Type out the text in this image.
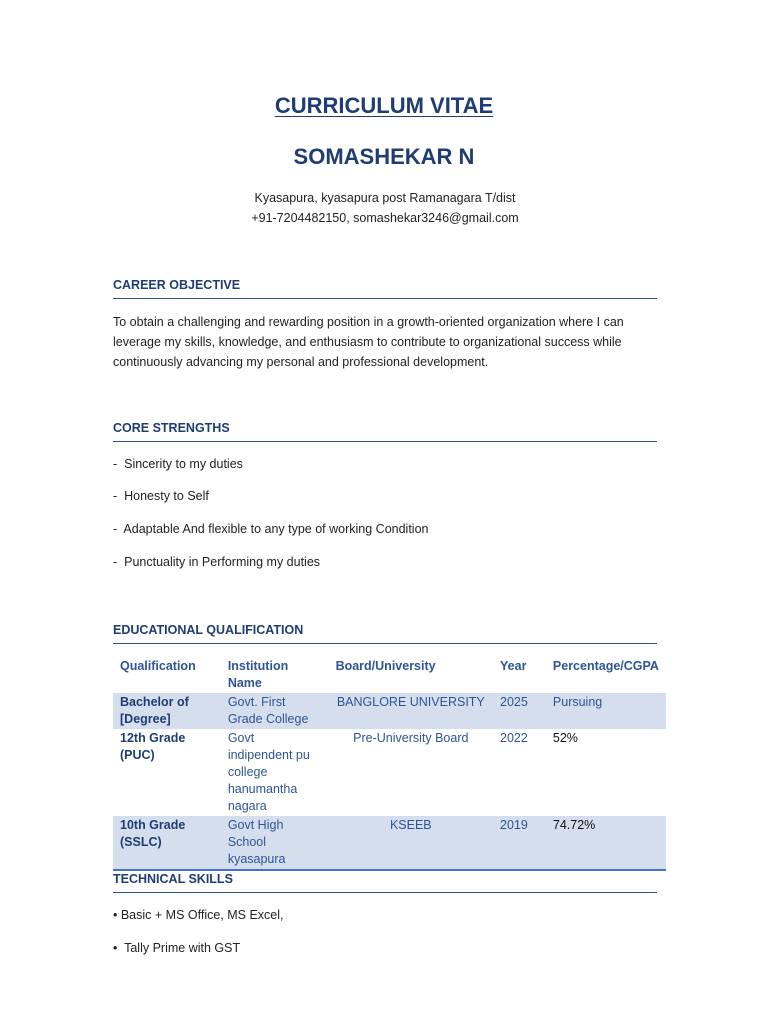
CURRICULUM VITAE
SOMASHEKAR N
Kyasapura, kyasapura post Ramanagara T/dist
+91-7204482150, somashekar3246@gmail.com
CAREER OBJECTIVE
To obtain a challenging and rewarding position in a growth-oriented organization where I can leverage my skills, knowledge, and enthusiasm to contribute to organizational success while continuously advancing my personal and professional development.
CORE STRENGTHS
-  Sincerity to my duties
-  Honesty to Self
-  Adaptable And flexible to any type of working Condition
-  Punctuality in Performing my duties
EDUCATIONAL QUALIFICATION
Qualification	Institution Name	Board/University	Year	Percentage/CGPA
Bachelor of [Degree]	Govt. First Grade College	BANGLORE UNIVERSITY	2025	Pursuing
12th Grade (PUC)	Govt indipendent pu college hanumantha nagara	Pre-University Board	2022	52%
10th Grade (SSLC)	Govt High School kyasapura	KSEEB	2019	74.72%
TECHNICAL SKILLS
• Basic + MS Office, MS Excel,
•  Tally Prime with GST
